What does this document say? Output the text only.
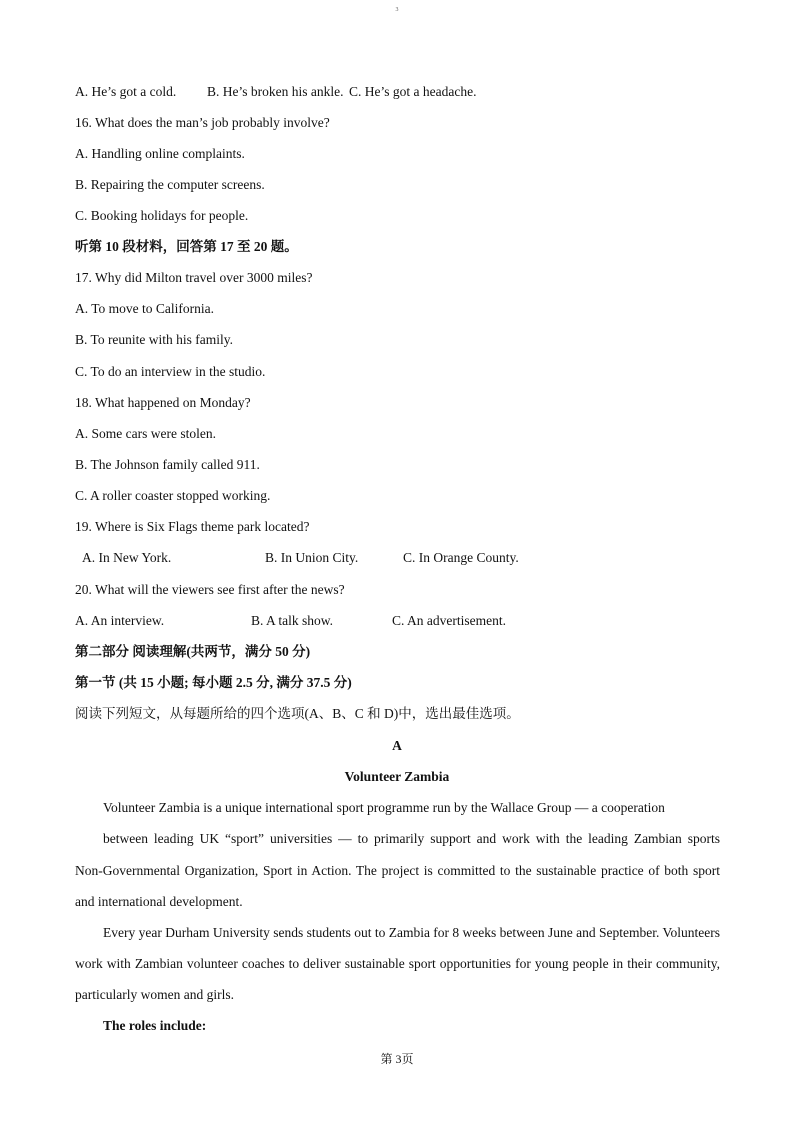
3
A. He’s got a cold. B. He’s broken his ankle. C. He’s got a headache.
16. What does the man’s job probably involve?
A. Handling online complaints.
B. Repairing the computer screens.
C. Booking holidays for people.
听第 10 段材料，回答第 17 至 20 题。
17. Why did Milton travel over 3000 miles?
A. To move to California.
B. To reunite with his family.
C. To do an interview in the studio.
18. What happened on Monday?
A. Some cars were stolen.
B. The Johnson family called 911.
C. A roller coaster stopped working.
19. Where is Six Flags theme park located?
A. In New York.	B. In Union City.	C. In Orange County.
20. What will the viewers see first after the news?
A. An interview.	B. A talk show.	C. An advertisement.
第二部分 阅读理解(共两节，满分 50 分)
第一节 (共 15 小题; 每小题 2.5 分, 满分 37.5 分)
阅读下列短文，从每题所给的四个选项(A、B、C 和 D)中，选出最佳选项。
A
Volunteer Zambia
Volunteer Zambia is a unique international sport programme run by the Wallace Group — a cooperation
between leading UK “sport” universities — to primarily support and work with the leading Zambian sports

Non-Governmental Organization, Sport in Action. The project is committed to the sustainable practice of both sport and international development.

Every year Durham University sends students out to Zambia for 8 weeks between June and September. Volunteers work with Zambian volunteer coaches to deliver sustainable sport opportunities for young people in their community, particularly women and girls.

The roles include:
第 3页
